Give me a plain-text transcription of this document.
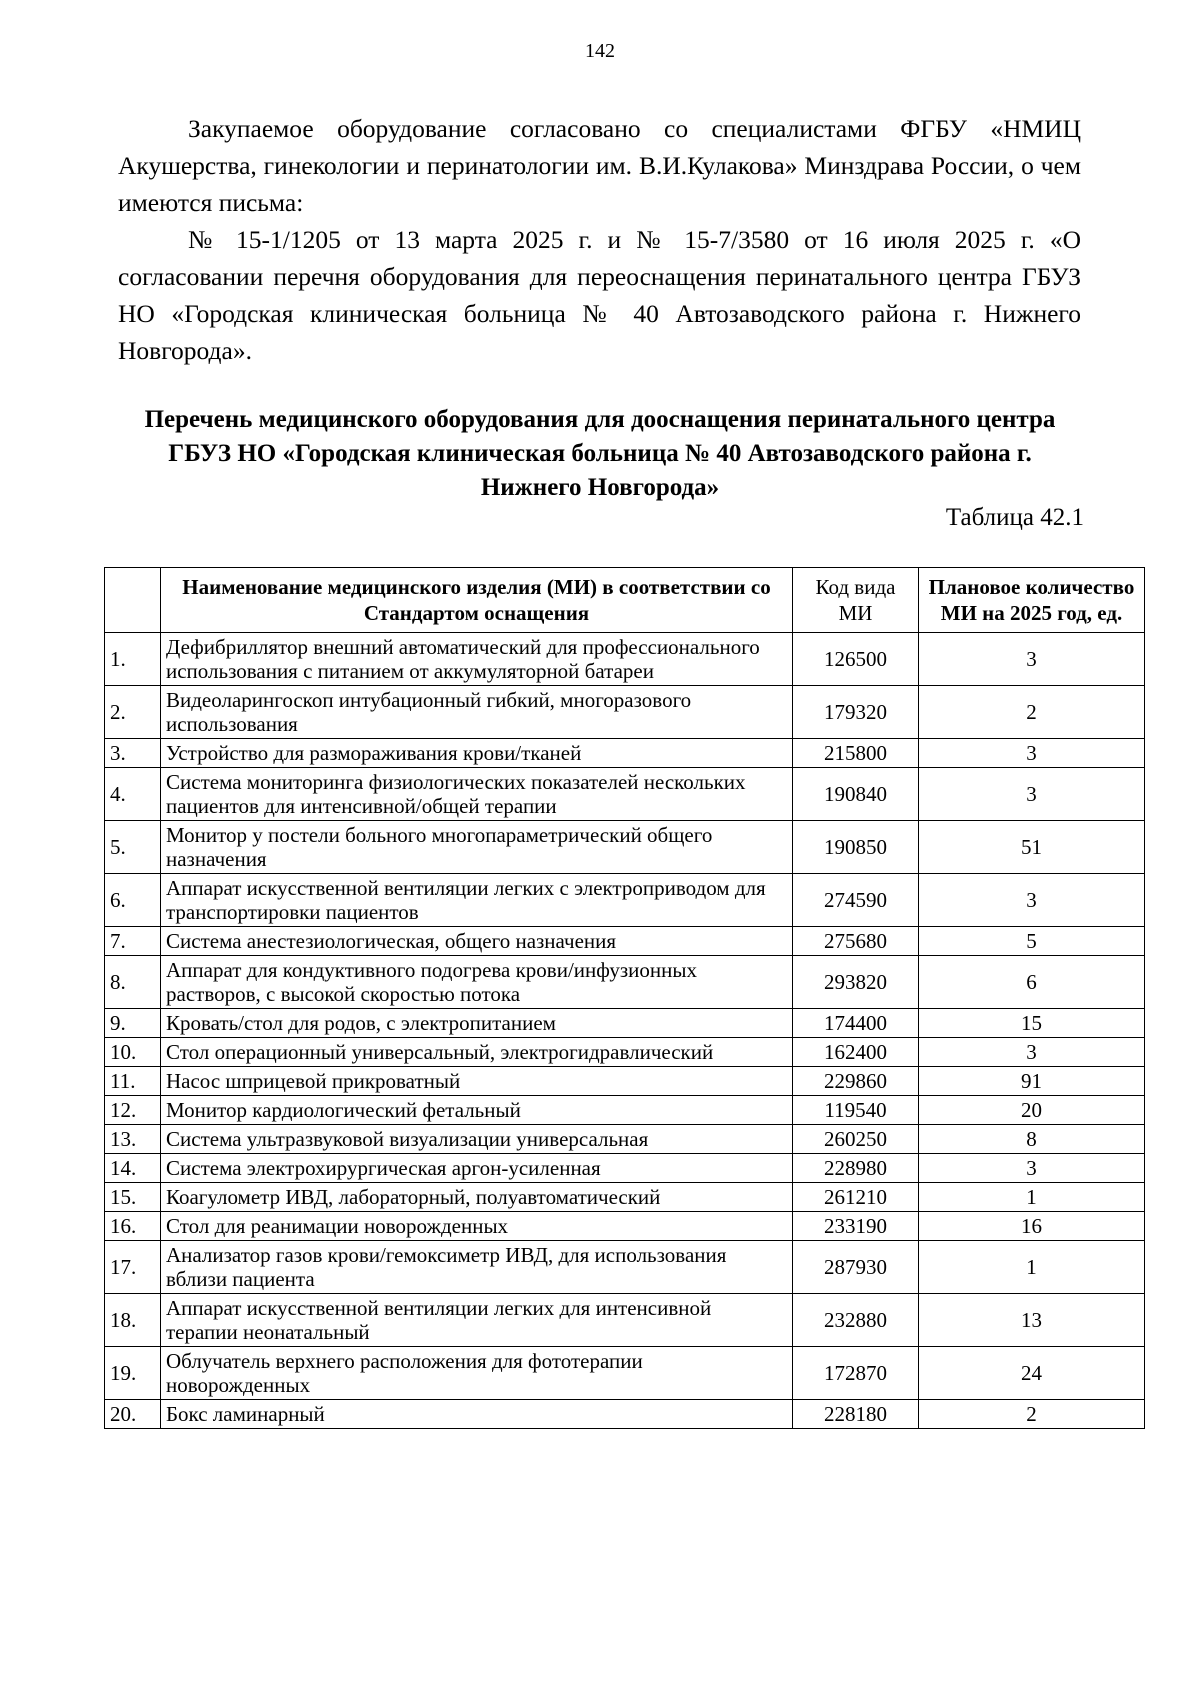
142

Закупаемое оборудование согласовано со специалистами ФГБУ «НМИЦ Акушерства, гинекологии и перинатологии им. В.И.Кулакова» Минздрава России, о чем имеются письма:

№ 15-1/1205 от 13 марта 2025 г. и № 15-7/3580 от 16 июля 2025 г. «О согласовании перечня оборудования для переоснащения перинатального центра ГБУЗ НО «Городская клиническая больница № 40 Автозаводского района г. Нижнего Новгорода».

Перечень медицинского оборудования для дооснащения перинатального центра ГБУЗ НО «Городская клиническая больница № 40 Автозаводского района г. Нижнего Новгорода»
Таблица 42.1
	Наименование медицинского изделия (МИ) в соответствии со Стандартом оснащения	Код вида МИ	Плановое количество МИ на 2025 год, ед.
1.	Дефибриллятор внешний автоматический для профессионального использования с питанием от аккумуляторной батареи	126500	3
2.	Видеоларингоскоп интубационный гибкий, многоразового использования	179320	2
3.	Устройство для размораживания крови/тканей	215800	3
4.	Система мониторинга физиологических показателей нескольких пациентов для интенсивной/общей терапии	190840	3
5.	Монитор у постели больного многопараметрический общего назначения	190850	51
6.	Аппарат искусственной вентиляции легких с электроприводом для транспортировки пациентов	274590	3
7.	Система анестезиологическая, общего назначения	275680	5
8.	Аппарат для кондуктивного подогрева крови/инфузионных растворов, с высокой скоростью потока	293820	6
9.	Кровать/стол для родов, с электропитанием	174400	15
10.	Стол операционный универсальный, электрогидравлический	162400	3
11.	Насос шприцевой прикроватный	229860	91
12.	Монитор кардиологический фетальный	119540	20
13.	Система ультразвуковой визуализации универсальная	260250	8
14.	Система электрохирургическая аргон-усиленная	228980	3
15.	Коагулометр ИВД, лабораторный, полуавтоматический	261210	1
16.	Стол для реанимации новорожденных	233190	16
17.	Анализатор газов крови/гемоксиметр ИВД, для использования вблизи пациента	287930	1
18.	Аппарат искусственной вентиляции легких для интенсивной терапии неонатальный	232880	13
19.	Облучатель верхнего расположения для фототерапии новорожденных	172870	24
20.	Бокс ламинарный	228180	2
